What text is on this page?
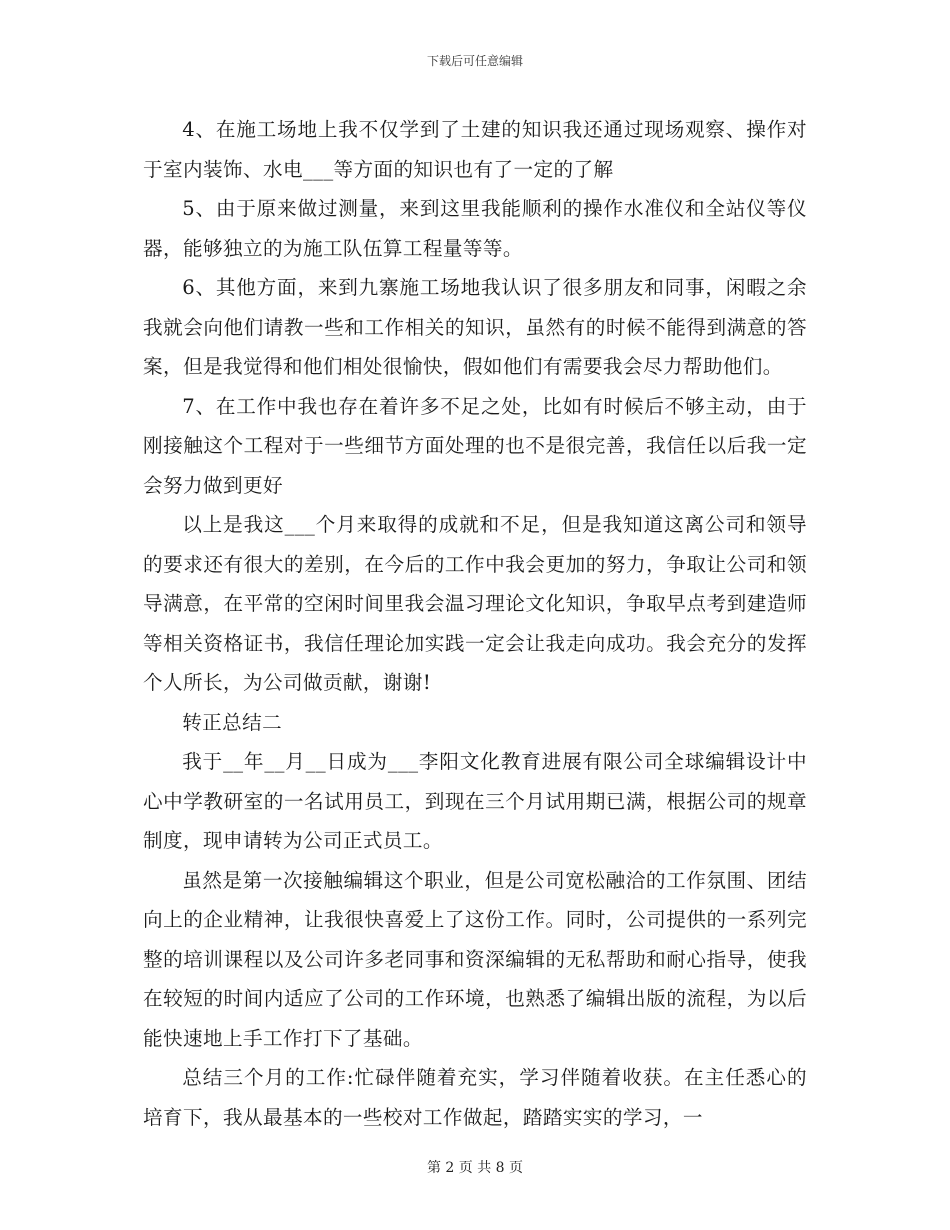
下载后可任意编辑

4、在施工场地上我不仅学到了土建的知识我还通过现场观察、操作对于室内装饰、水电___等方面的知识也有了一定的了解

5、由于原来做过测量，来到这里我能顺利的操作水准仪和全站仪等仪器，能够独立的为施工队伍算工程量等等。

6、其他方面，来到九寨施工场地我认识了很多朋友和同事，闲暇之余我就会向他们请教一些和工作相关的知识，虽然有的时候不能得到满意的答案，但是我觉得和他们相处很愉快，假如他们有需要我会尽力帮助他们。

7、在工作中我也存在着许多不足之处，比如有时候后不够主动，由于刚接触这个工程对于一些细节方面处理的也不是很完善，我信任以后我一定会努力做到更好

以上是我这___个月来取得的成就和不足，但是我知道这离公司和领导的要求还有很大的差别，在今后的工作中我会更加的努力，争取让公司和领导满意，在平常的空闲时间里我会温习理论文化知识，争取早点考到建造师等相关资格证书，我信任理论加实践一定会让我走向成功。我会充分的发挥个人所长，为公司做贡献，谢谢!

转正总结二

我于__年__月__日成为___李阳文化教育进展有限公司全球编辑设计中心中学教研室的一名试用员工，到现在三个月试用期已满，根据公司的规章制度，现申请转为公司正式员工。

虽然是第一次接触编辑这个职业，但是公司宽松融洽的工作氛围、团结向上的企业精神，让我很快喜爱上了这份工作。同时，公司提供的一系列完整的培训课程以及公司许多老同事和资深编辑的无私帮助和耐心指导，使我在较短的时间内适应了公司的工作环境，也熟悉了编辑出版的流程，为以后能快速地上手工作打下了基础。

总结三个月的工作:忙碌伴随着充实，学习伴随着收获。在主任悉心的培育下，我从最基本的一些校对工作做起，踏踏实实的学习，一

第 2 页 共 8 页
